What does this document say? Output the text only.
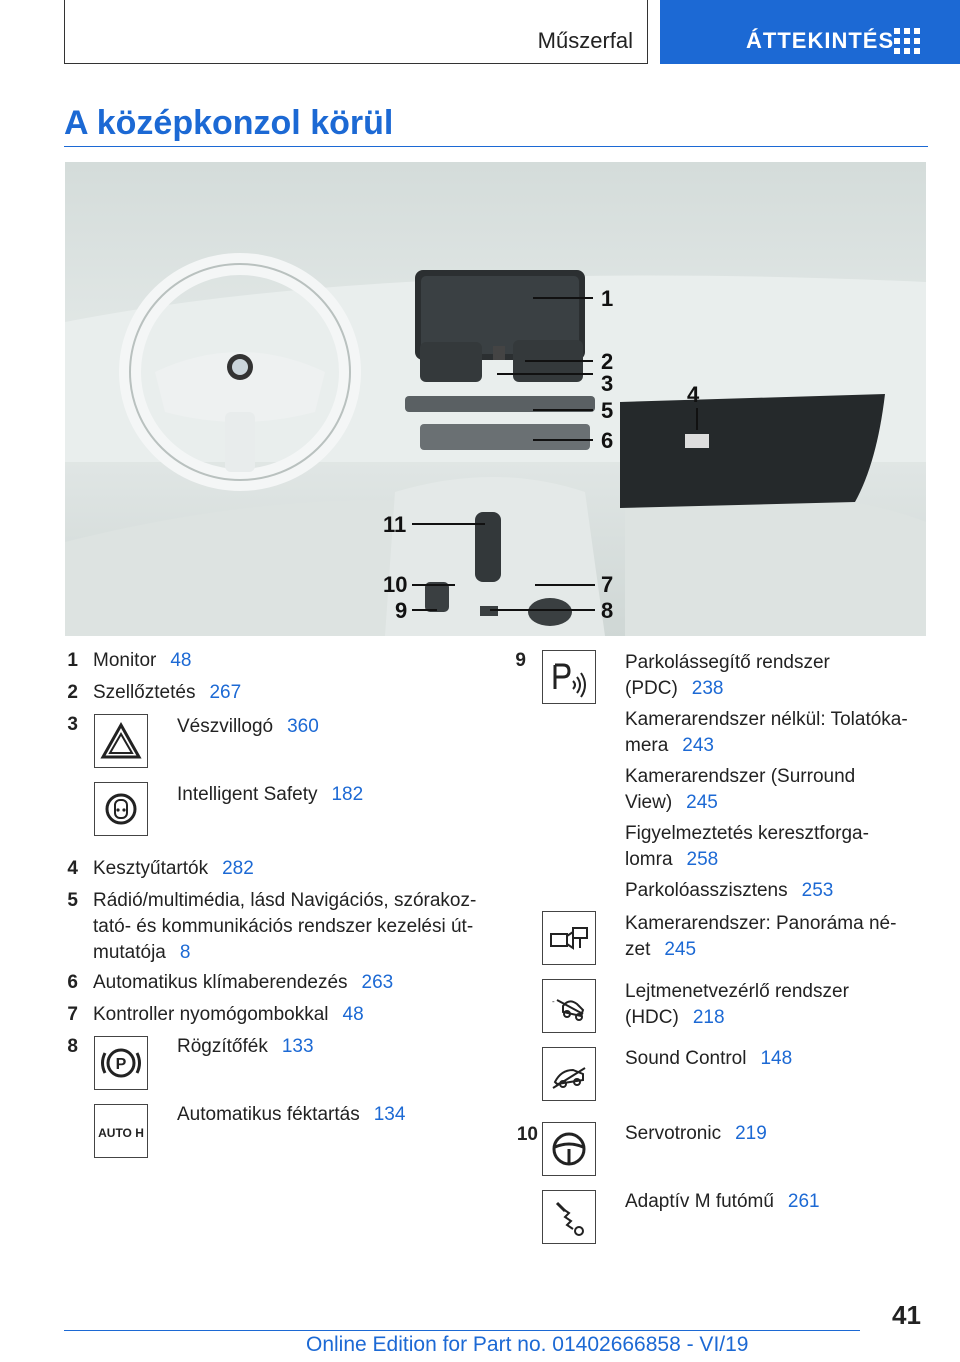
Műszerfal	ÁTTEKINTÉS
A középkonzol körül
1
2
3	4
5
6
7
8
9
10
11
1 Monitor 48
2 Szellőztetés 267
3	Vészvillogó 360
Intelligent Safety 182
4 Kesztyűtartók 282
5 Rádió/multimédia, lásd Navigációs, szórakoz-
tató- és kommunikációs rendszer kezelési út-
mutatója 8
6 Automatikus klímaberendezés 263
7 Kontroller nyomógombokkal 48
8
P
Rögzítőfék 133
AUTO H
Automatikus féktartás 134
9	Parkolássegítő rendszer
(PDC) 238
Kamerarendszer nélkül: Tolatóka-
mera 243
Kamerarendszer (Surround
View) 245
Figyelmeztetés keresztforga-
lomra 258
Parkolóasszisztens 253
Kamerarendszer: Panoráma né-
zet 245
-	Lejtmenetvezérlő rendszer
(HDC) 218
Sound Control 148
10	Servotronic 219
Adaptív M futómű 261
41
Online Edition for Part no. 01402666858 - VI/19
